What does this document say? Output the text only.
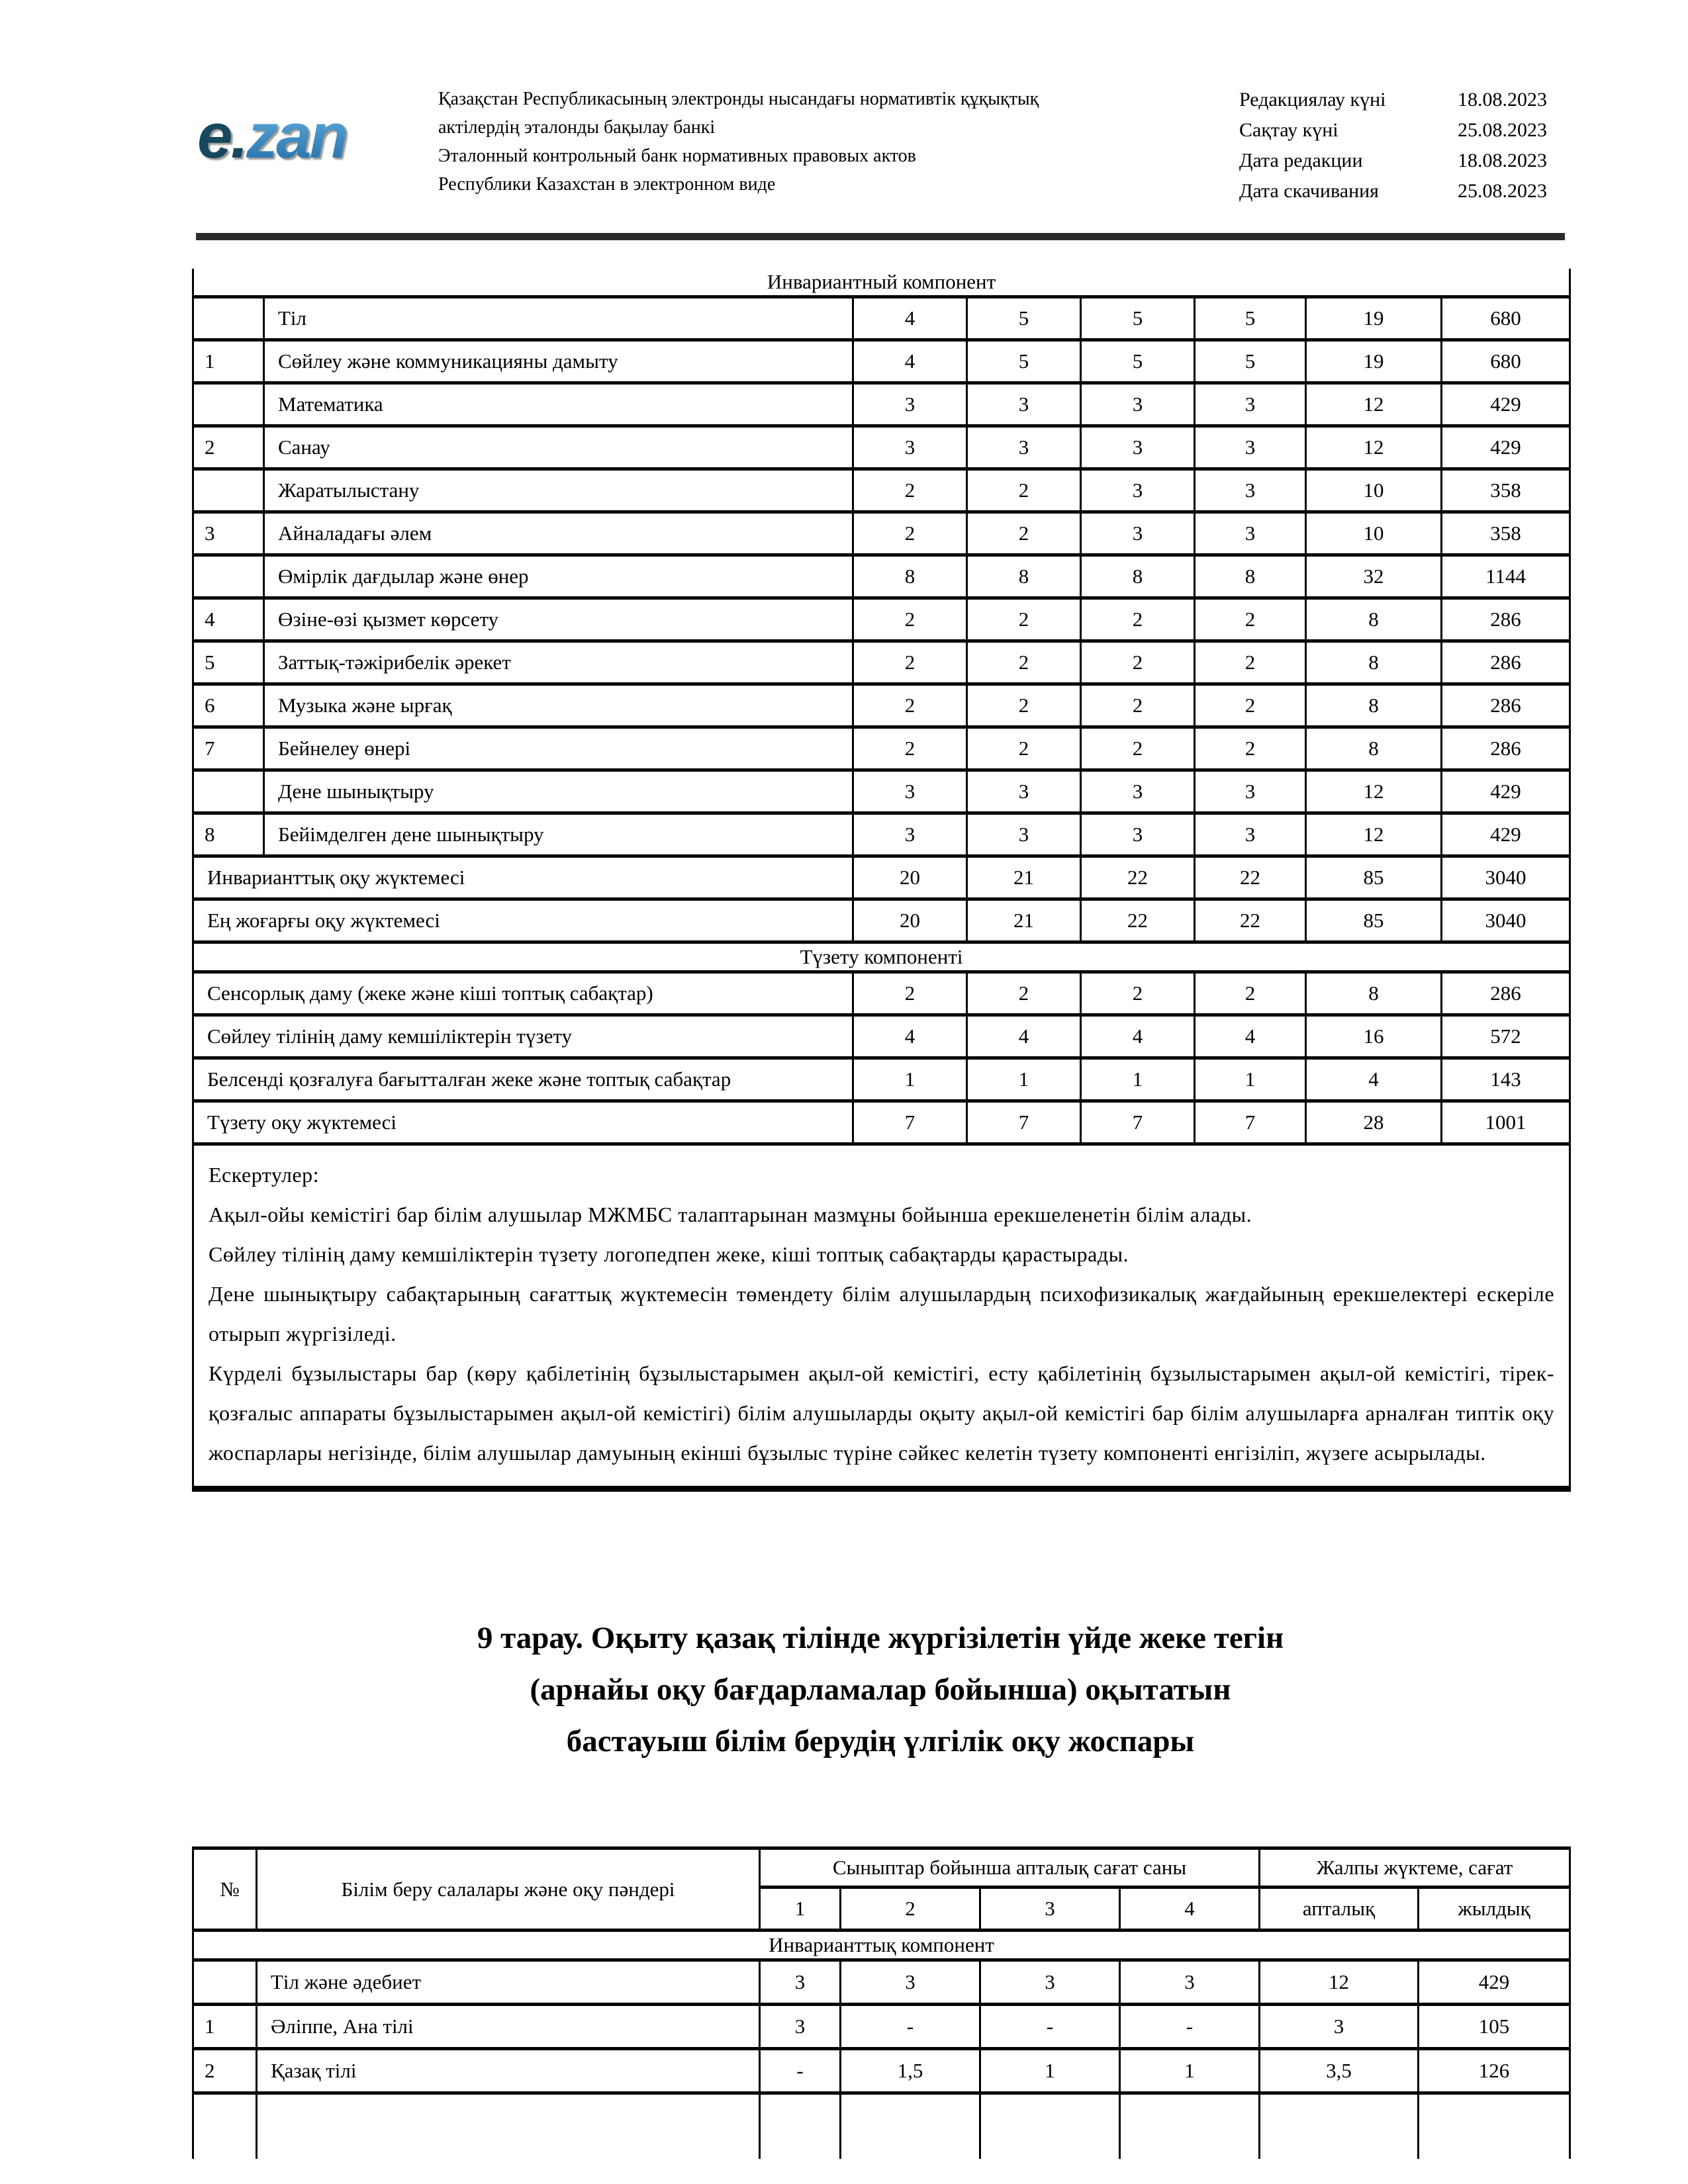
e.zan
Қазақстан Республикасының электронды нысандағы нормативтік құқықтық
актілердің эталонды бақылау банкі
Эталонный контрольный банк нормативных правовых актов
Республики Казахстан в электронном виде
Редакциялау күні	18.08.2023
Сақтау күні	25.08.2023
Дата редакции	18.08.2023
Дата скачивания	25.08.2023
Инвариантный компонент							
	Тіл	4	5	5	5	19	680
1	Сөйлеу және коммуникацияны дамыту	4	5	5	5	19	680
	Математика	3	3	3	3	12	429
2	Санау	3	3	3	3	12	429
	Жаратылыстану	2	2	3	3	10	358
3	Айналадағы әлем	2	2	3	3	10	358
	Өмірлік дағдылар және өнер	8	8	8	8	32	1144
4	Өзіне-өзі қызмет көрсету	2	2	2	2	8	286
5	Заттық-тәжірибелік әрекет	2	2	2	2	8	286
6	Музыка және ырғақ	2	2	2	2	8	286
7	Бейнелеу өнері	2	2	2	2	8	286
	Дене шынықтыру	3	3	3	3	12	429
8	Бейімделген дене шынықтыру	3	3	3	3	12	429
Инварианттық оқу жүктемесі		20	21	22	22	85	3040
Ең жоғарғы оқу жүктемесі		20	21	22	22	85	3040
Түзету компоненті							
Сенсорлық даму (жеке және кіші топтық сабақтар)		2	2	2	2	8	286
Сөйлеу тілінің даму кемшіліктерін түзету		4	4	4	4	16	572
Белсенді қозғалуға бағытталған жеке және топтық сабақтар		1	1	1	1	4	143
Түзету оқу жүктемесі		7	7	7	7	28	1001

Ескертулер:

Ақыл-ойы кемістігі бар білім алушылар МЖМБС талаптарынан мазмұны бойынша ерекшеленетін білім алады.

Сөйлеу тілінің даму кемшіліктерін түзету логопедпен жеке, кіші топтық сабақтарды қарастырады.

Дене шынықтыру сабақтарының сағаттық жүктемесін төмендету білім алушылардың психофизикалық жағдайының ерекшелектері ескеріле отырып жүргізіледі.

Күрделі бұзылыстары бар (көру қабілетінің бұзылыстарымен ақыл-ой кемістігі, есту қабілетінің бұзылыстарымен ақыл-ой кемістігі, тірек-қозғалыс аппараты бұзылыстарымен ақыл-ой кемістігі) білім алушыларды оқыту ақыл-ой кемістігі бар білім алушыларға арналған типтік оқу жоспарлары негізінде, білім алушылар дамуының екінші бұзылыс түріне сәйкес келетін түзету компоненті енгізіліп, жүзеге асырылады.							

9 тарау. Оқыту қазақ тілінде жүргізілетін үйде жеке тегін
(арнайы оқу бағдарламалар бойынша) оқытатын
бастауыш білім берудің үлгілік оқу жоспары
№	Білім беру салалары және оқу пәндері	Сыныптар бойынша апталық сағат саны				Жалпы жүктеме, сағат	
		1	2	3	4	апталық	жылдық
Инварианттық компонент							
	Тіл және әдебиет	3	3	3	3	12	429
1	Әліппе, Ана тілі	3	-	-	-	3	105
2	Қазақ тілі	-	1,5	1	1	3,5	126
